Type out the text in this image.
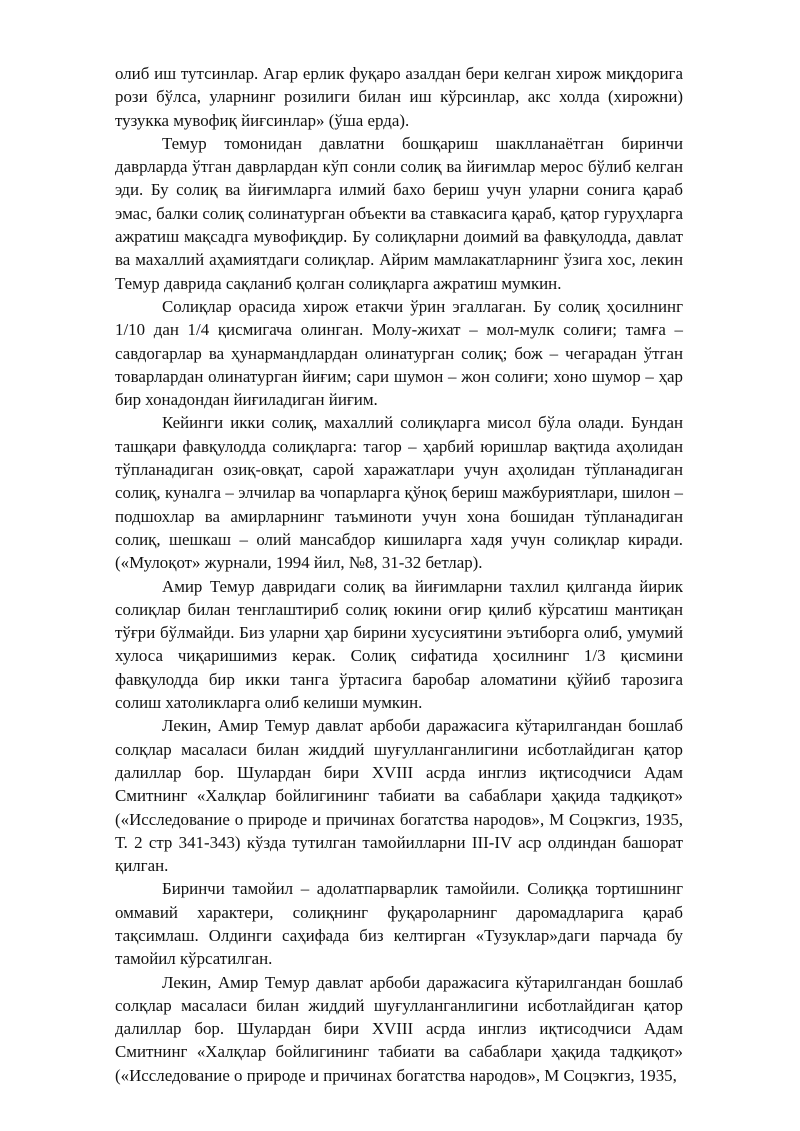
олиб иш тутсинлар. Агар ерлик фуқаро азалдан бери келган хирож миқдорига рози бўлса, уларнинг розилиги билан иш кўрсинлар, акс холда (хирожни) тузукка мувофиқ йиғсинлар» (ўша ерда).

Темур томонидан давлатни бошқариш шаклланаётган биринчи даврларда ўтган даврлардан кўп сонли солиқ ва йиғимлар мерос бўлиб келган эди. Бу солиқ ва йиғимларга илмий бахо бериш учун уларни сонига қараб эмас, балки солиқ солинатурган объекти ва ставкасига қараб, қатор гуруҳларга ажратиш мақсадга мувофиқдир. Бу солиқларни доимий ва фавқулодда, давлат ва махаллий аҳамиятдаги солиқлар. Айрим мамлакатларнинг ўзига хос, лекин Темур даврида сақланиб қолган солиқларга ажратиш мумкин.

Солиқлар орасида хирож етакчи ўрин эгаллаган. Бу солиқ ҳосилнинг 1/10 дан 1/4 қисмигача олинган. Молу-жихат – мол-мулк солиғи; тамға – савдогарлар ва ҳунармандлардан олинатурган солиқ; бож – чегарадан ўтган товарлардан олинатурган йиғим; сари шумон – жон солиғи; хоно шумор – ҳар бир хонадондан йиғиладиган йиғим.

Кейинги икки солиқ, махаллий солиқларга мисол бўла олади. Бундан ташқари фавқулодда солиқларга: тагор – ҳарбий юришлар вақтида аҳолидан тўпланадиган озиқ-овқат, сарой харажатлари учун аҳолидан тўпланадиган солиқ, куналга – элчилар ва чопарларга қўноқ бериш мажбуриятлари, шилон – подшохлар ва амирларнинг таъминоти учун хона бошидан тўпланадиган солиқ, шешкаш – олий мансабдор кишиларга хадя учун солиқлар киради. («Мулоқот» журнали, 1994 йил, №8, 31-32 бетлар).

Амир Темур давридаги солиқ ва йиғимларни тахлил қилганда йирик солиқлар билан тенглаштириб солиқ юкини оғир қилиб кўрсатиш мантиқан тўғри бўлмайди. Биз уларни ҳар бирини хусусиятини эътиборга олиб, умумий хулоса чиқаришимиз керак. Солиқ сифатида ҳосилнинг 1/3 қисмини фавқулодда бир икки танга ўртасига баробар аломатини қўйиб тарозига солиш хатоликларга олиб келиши мумкин.

Лекин, Амир Темур давлат арбоби даражасига кўтарилгандан бошлаб солқлар масаласи билан жиддий шуғулланганлигини исботлайдиган қатор далиллар бор. Шулардан бири XVIII асрда инглиз иқтисодчиси Адам Смитнинг «Халқлар бойлигининг табиати ва сабаблари ҳақида тадқиқот» («Исследование о природе и причинах богатства народов», М Соцэкгиз, 1935, Т. 2 стр 341-343) кўзда тутилган тамойилларни III-IV аср олдиндан башорат қилган.

Биринчи тамойил – адолатпарварлик тамойили. Солиққа тортишнинг оммавий характери, солиқнинг фуқароларнинг даромадларига қараб тақсимлаш. Олдинги саҳифада биз келтирган «Тузуклар»даги парчада бу тамойил кўрсатилган.

Лекин, Амир Темур давлат арбоби даражасига кўтарилгандан бошлаб солқлар масаласи билан жиддий шуғулланганлигини исботлайдиган қатор далиллар бор. Шулардан бири XVIII асрда инглиз иқтисодчиси Адам Смитнинг «Халқлар бойлигининг табиати ва сабаблари ҳақида тадқиқот» («Исследование о природе и причинах богатства народов», М Соцэкгиз, 1935,
